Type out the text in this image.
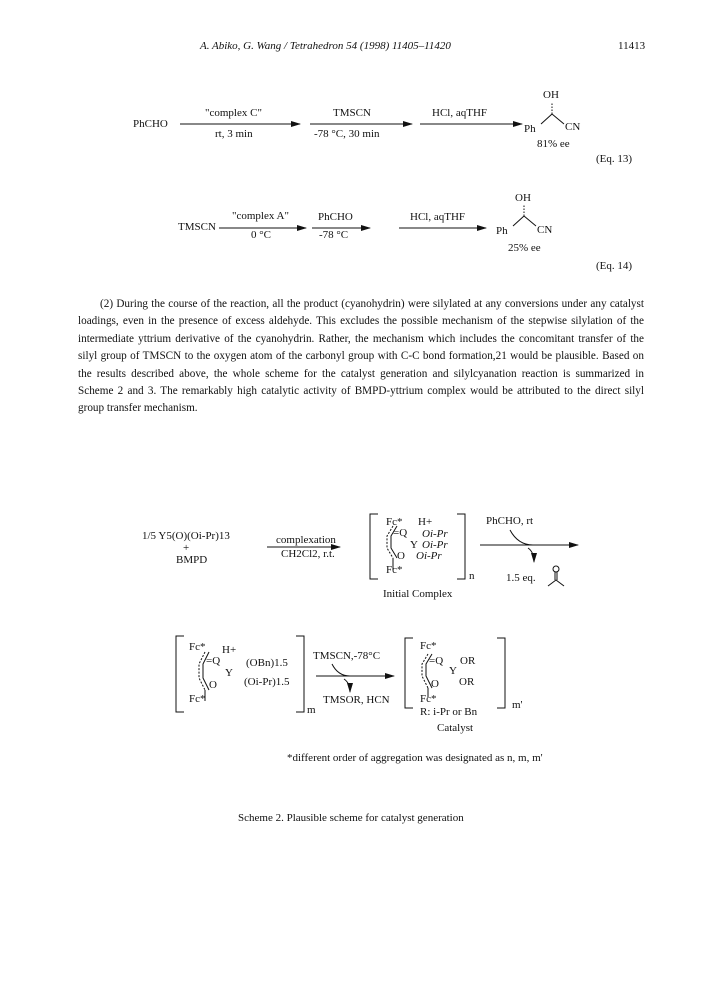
A. Abiko, G. Wang / Tetrahedron 54 (1998) 11405–11420	11413
PhCHO
"complex C"
rt, 3 min
TMSCN
-78 °C, 30 min
HCl, aqTHF
OH
Ph	CN
81% ee
(Eq. 13)
TMSCN
"complex A"
0 °C
PhCHO
-78 °C
HCl, aqTHF
OH
Ph	CN
25% ee
(Eq. 14)
(2) During the course of the reaction, all the product (cyanohydrin) were silylated at any conversions under any catalyst loadings, even in the presence of excess aldehyde. This excludes the possible mechanism of the stepwise silylation of the intermediate yttrium derivative of the cyanohydrin. Rather, the mechanism which includes the concomitant transfer of the silyl group of TMSCN to the oxygen atom of the carbonyl group with C-C bond formation,21 would be plausible. Based on the results described above, the whole scheme for the catalyst generation and silylcyanation reaction is summarized in Scheme 2 and 3. The remarkably high catalytic activity of BMPD-yttrium complex would be attributed to the direct silyl group transfer mechanism.
1/5 Y5(O)(Oi-Pr)13
+
BMPD
complexation
CH2Cl2, r.t.
Fc* H+
=Q Oi-Pr
Y Oi-Pr
O Oi-Pr
Fc*	n
Initial Complex
PhCHO, rt
1.5 eq.
Fc* H+
=Q (OBn)1.5
Y
(Oi-Pr)1.5
O
Fc*
m
TMSCN,-78°C
TMSOR, HCN
Fc*
=Q OR
Y
OR
O
Fc*	m'
R: i-Pr or Bn
Catalyst
*different order of aggregation was designated as n, m, m'
Scheme 2. Plausible scheme for catalyst generation
